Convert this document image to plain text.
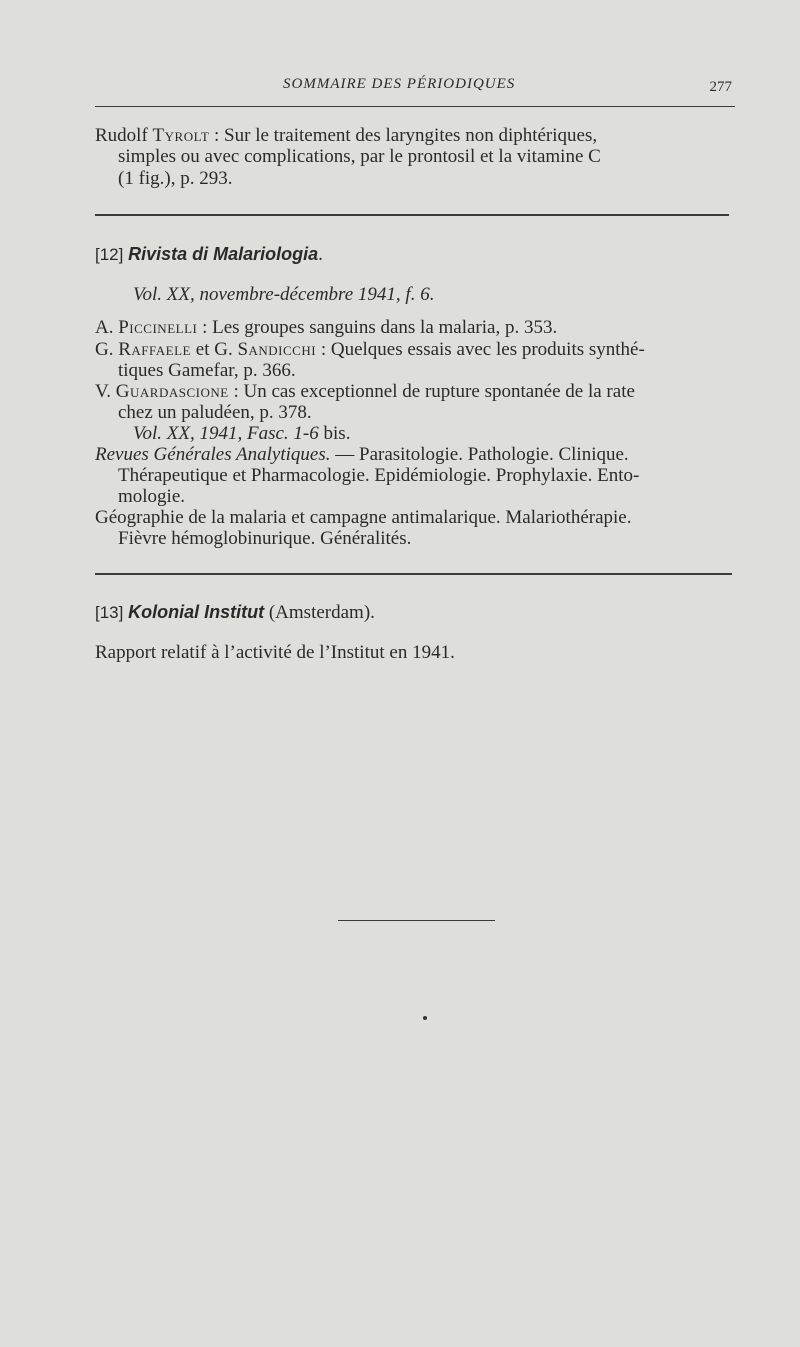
SOMMAIRE DES PÉRIODIQUES	277
Rudolf Tyrolt : Sur le traitement des laryngites non diphtériques,
simples ou avec complications, par le prontosil et la vitamine C
(1 fig.), p. 293.
[12] Rivista di Malariologia.
Vol. XX, novembre-décembre 1941, f. 6.
A. Piccinelli : Les groupes sanguins dans la malaria, p. 353.
G. Raffaele et G. Sandicchi : Quelques essais avec les produits synthé-
tiques Gamefar, p. 366.
V. Guardascione : Un cas exceptionnel de rupture spontanée de la rate
chez un paludéen, p. 378.
Vol. XX, 1941, Fasc. 1-6 bis.
Revues Générales Analytiques. — Parasitologie. Pathologie. Clinique.
Thérapeutique et Pharmacologie. Epidémiologie. Prophylaxie. Ento-
mologie.
Géographie de la malaria et campagne antimalarique. Malariothérapie.
Fièvre hémoglobinurique. Généralités.
[13] Kolonial Institut (Amsterdam).
Rapport relatif à l’activité de l’Institut en 1941.
